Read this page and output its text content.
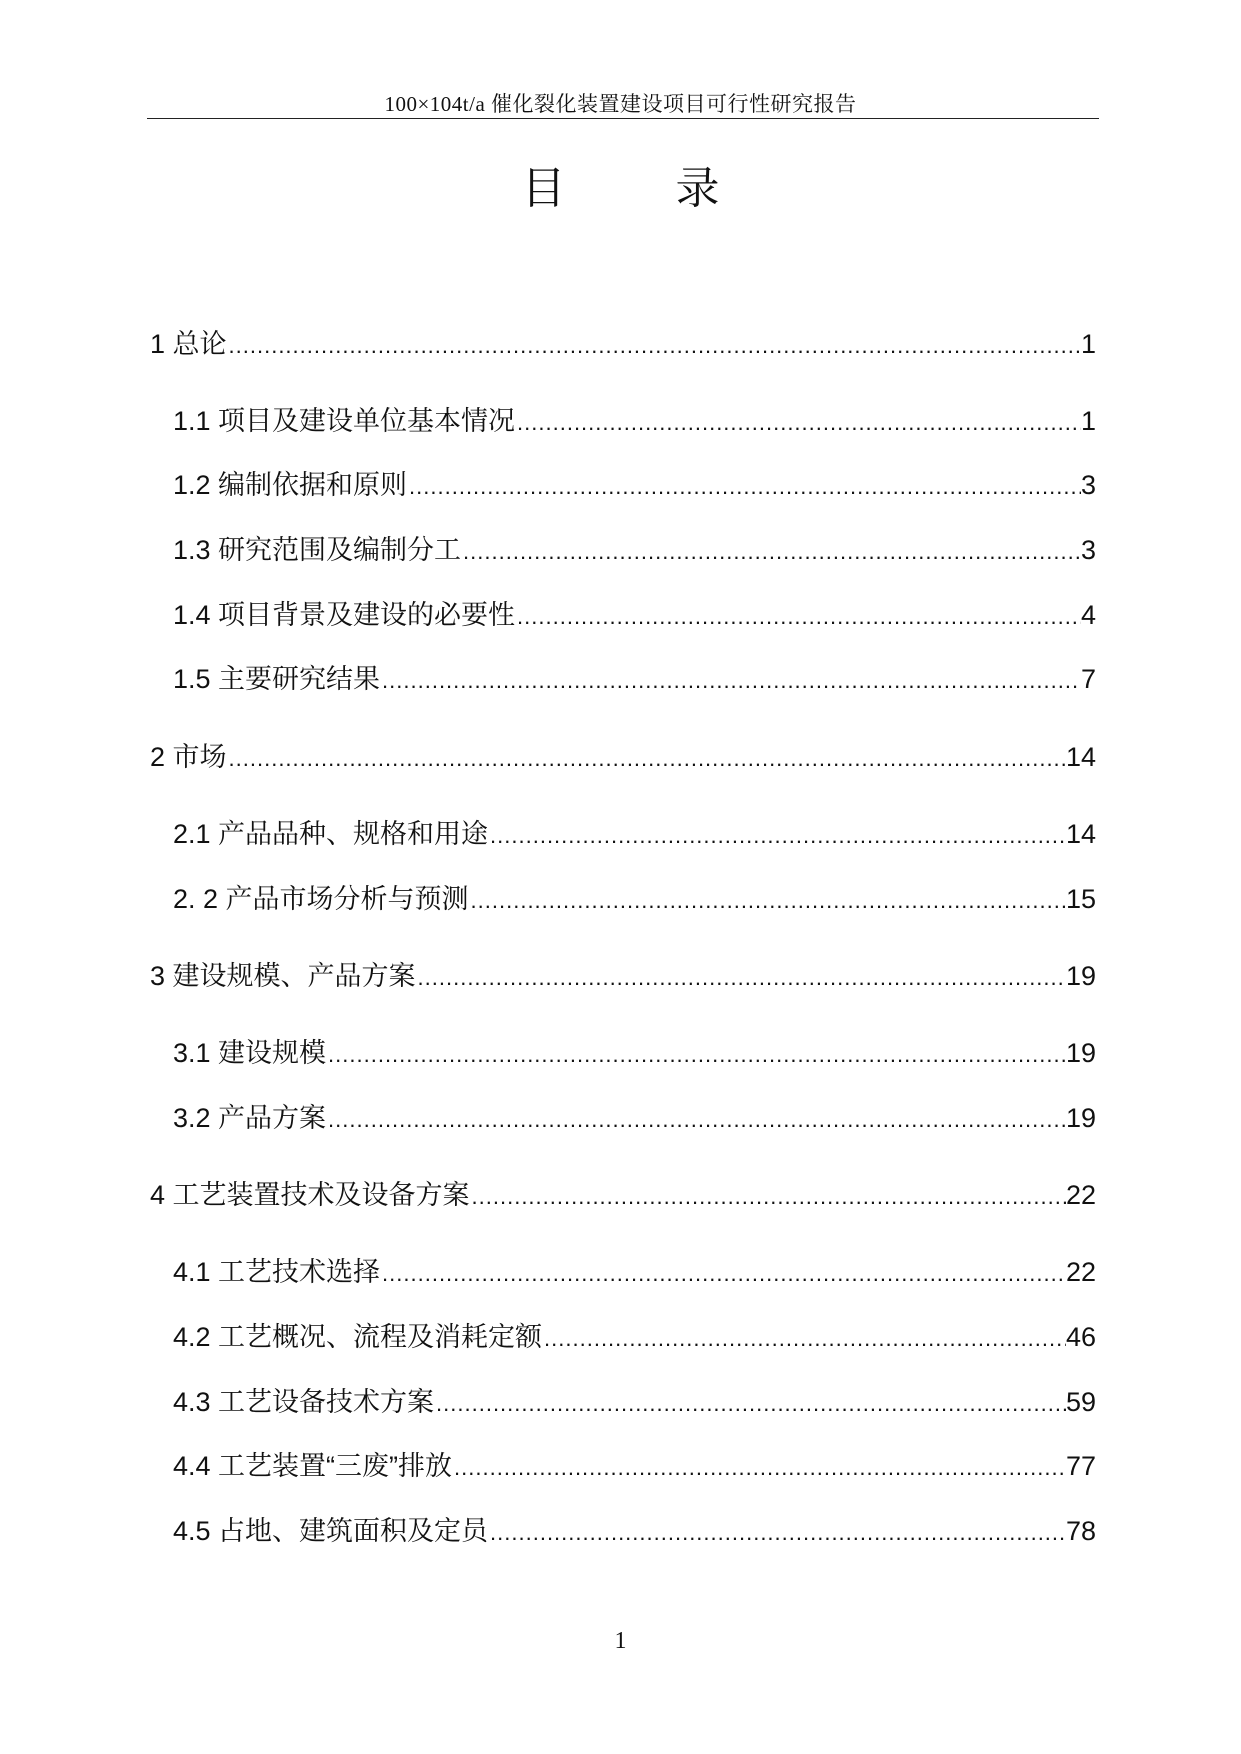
100×104t/a 催化裂化装置建设项目可行性研究报告
目 录
1 总论 .....	1
1.1 项目及建设单位基本情况 .....	1
1.2 编制依据和原则 .....	3
1.3 研究范围及编制分工 .....	3
1.4 项目背景及建设的必要性 .....	4
1.5 主要研究结果 .....	7
2 市场 .....	14
2.1 产品品种、规格和用途 .....	14
2. 2 产品市场分析与预测 .....	15
3 建设规模、产品方案 .....	19
3.1 建设规模 .....	19
3.2 产品方案 .....	19
4 工艺装置技术及设备方案 .....	22
4.1 工艺技术选择 .....	22
4.2 工艺概况、流程及消耗定额 .....	46
4.3 工艺设备技术方案 .....	59
4.4 工艺装置“三废”排放 .....	77
4.5 占地、建筑面积及定员 .....	78
1
